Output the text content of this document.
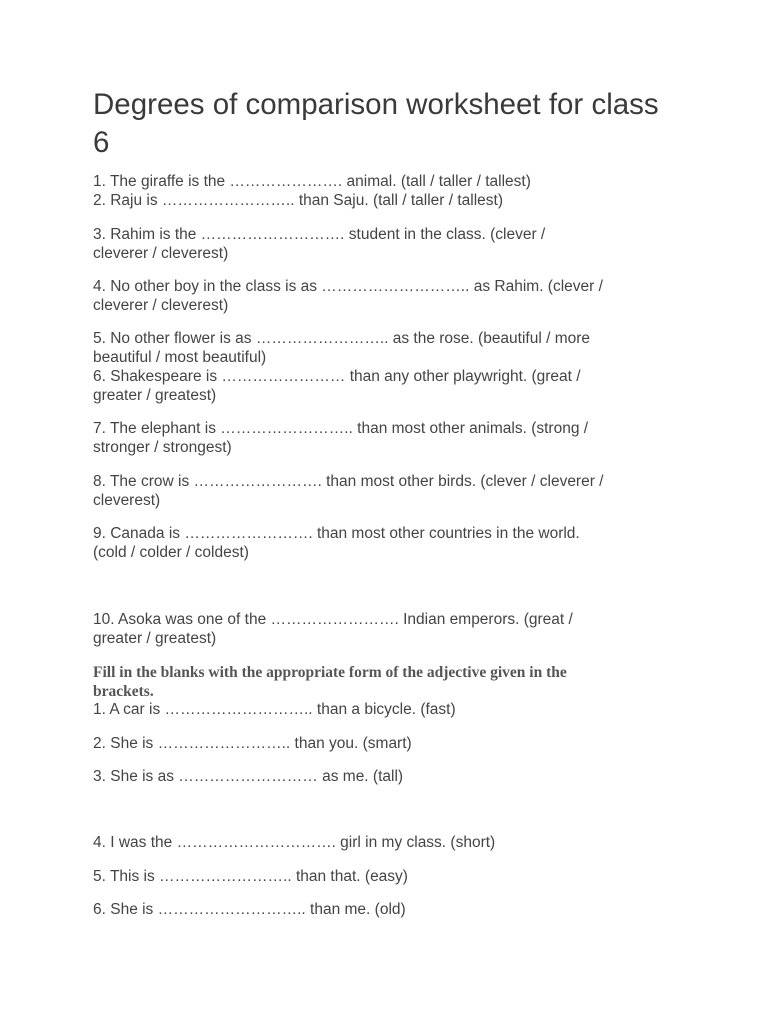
Degrees of comparison worksheet for class 6
1. The giraffe is the …………………. animal. (tall / taller / tallest)
2. Raju is …………………….. than Saju. (tall / taller / tallest)
3. Rahim is the ………………………. student in the class. (clever /
cleverer / cleverest)
4. No other boy in the class is as ……………………….. as Rahim. (clever /
cleverer / cleverest)
5. No other flower is as …………………….. as the rose. (beautiful / more
beautiful / most beautiful)
6. Shakespeare is …………………… than any other playwright. (great /
greater / greatest)
7. The elephant is …………………….. than most other animals. (strong /
stronger / strongest)
8. The crow is ……………………. than most other birds. (clever / cleverer /
cleverest)
9. Canada is ……………………. than most other countries in the world.
(cold / colder / coldest)
10. Asoka was one of the ……………………. Indian emperors. (great /
greater / greatest)
Fill in the blanks with the appropriate form of the adjective given in the
brackets.
1. A car is ……………………….. than a bicycle. (fast)
2. She is …………………….. than you. (smart)
3. She is as ……………………… as me. (tall)
4. I was the …………………………. girl in my class. (short)
5. This is …………………….. than that. (easy)
6. She is ……………………….. than me. (old)
